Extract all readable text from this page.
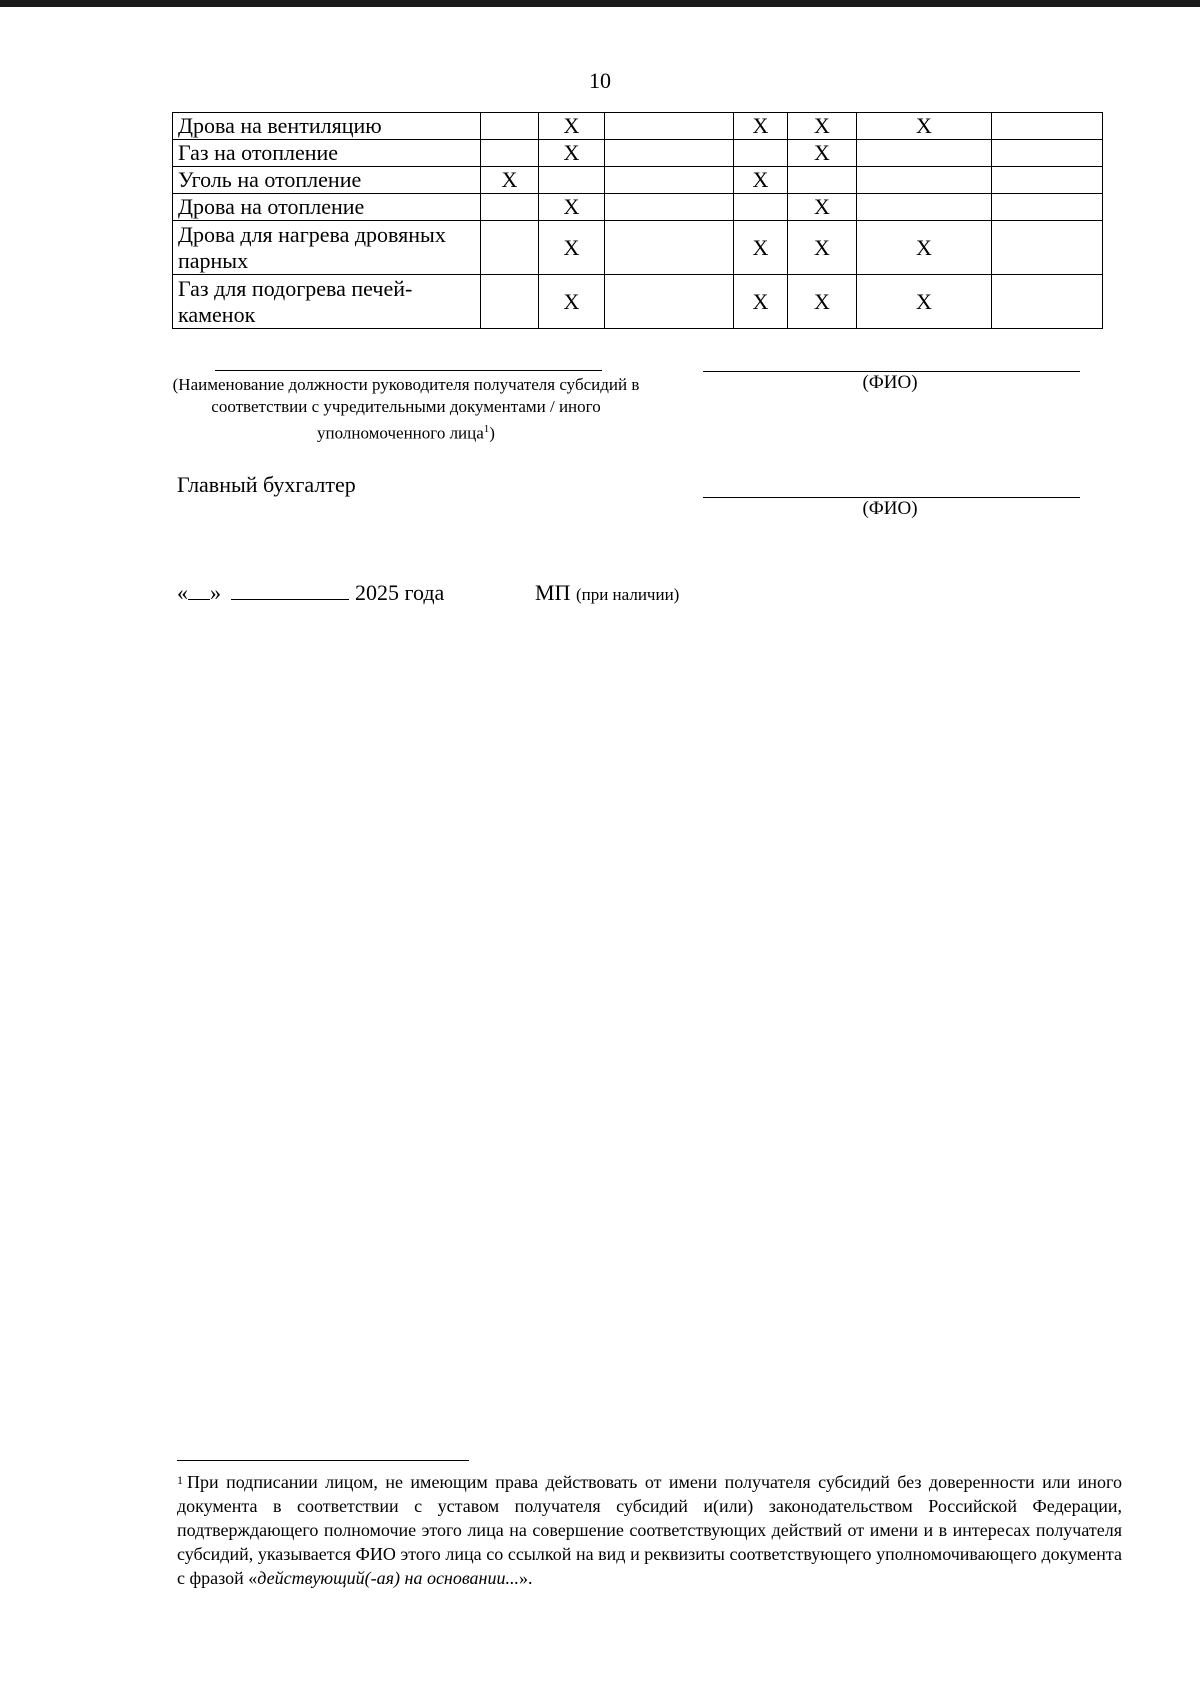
10
Дрова на вентиляцию		X		X	X	X	
Газ на отопление		X			X		
Уголь на отопление	X			X			
Дрова на отопление		X			X		
Дрова для нагрева дровяных парных		X		X	X	X	
Газ для подогрева печей-каменок		X		X	X	X	
(Наименование должности руководителя получателя субсидий в соответствии с учредительными документами / иного уполномоченного лица$^1$)
(ФИО)
Главный бухгалтер
(ФИО)
« »	2025 года	МП (при наличии)
$^1$ При подписании лицом, не имеющим права действовать от имени получателя субсидий без доверенности или иного документа в соответствии с уставом получателя субсидий и(или) законодательством Российской Федерации, подтверждающего полномочие этого лица на совершение соответствующих действий от имени и в интересах получателя субсидий, указывается ФИО этого лица со ссылкой на вид и реквизиты соответствующего уполномочивающего документа с фразой «действующий(-ая) на основании...».
